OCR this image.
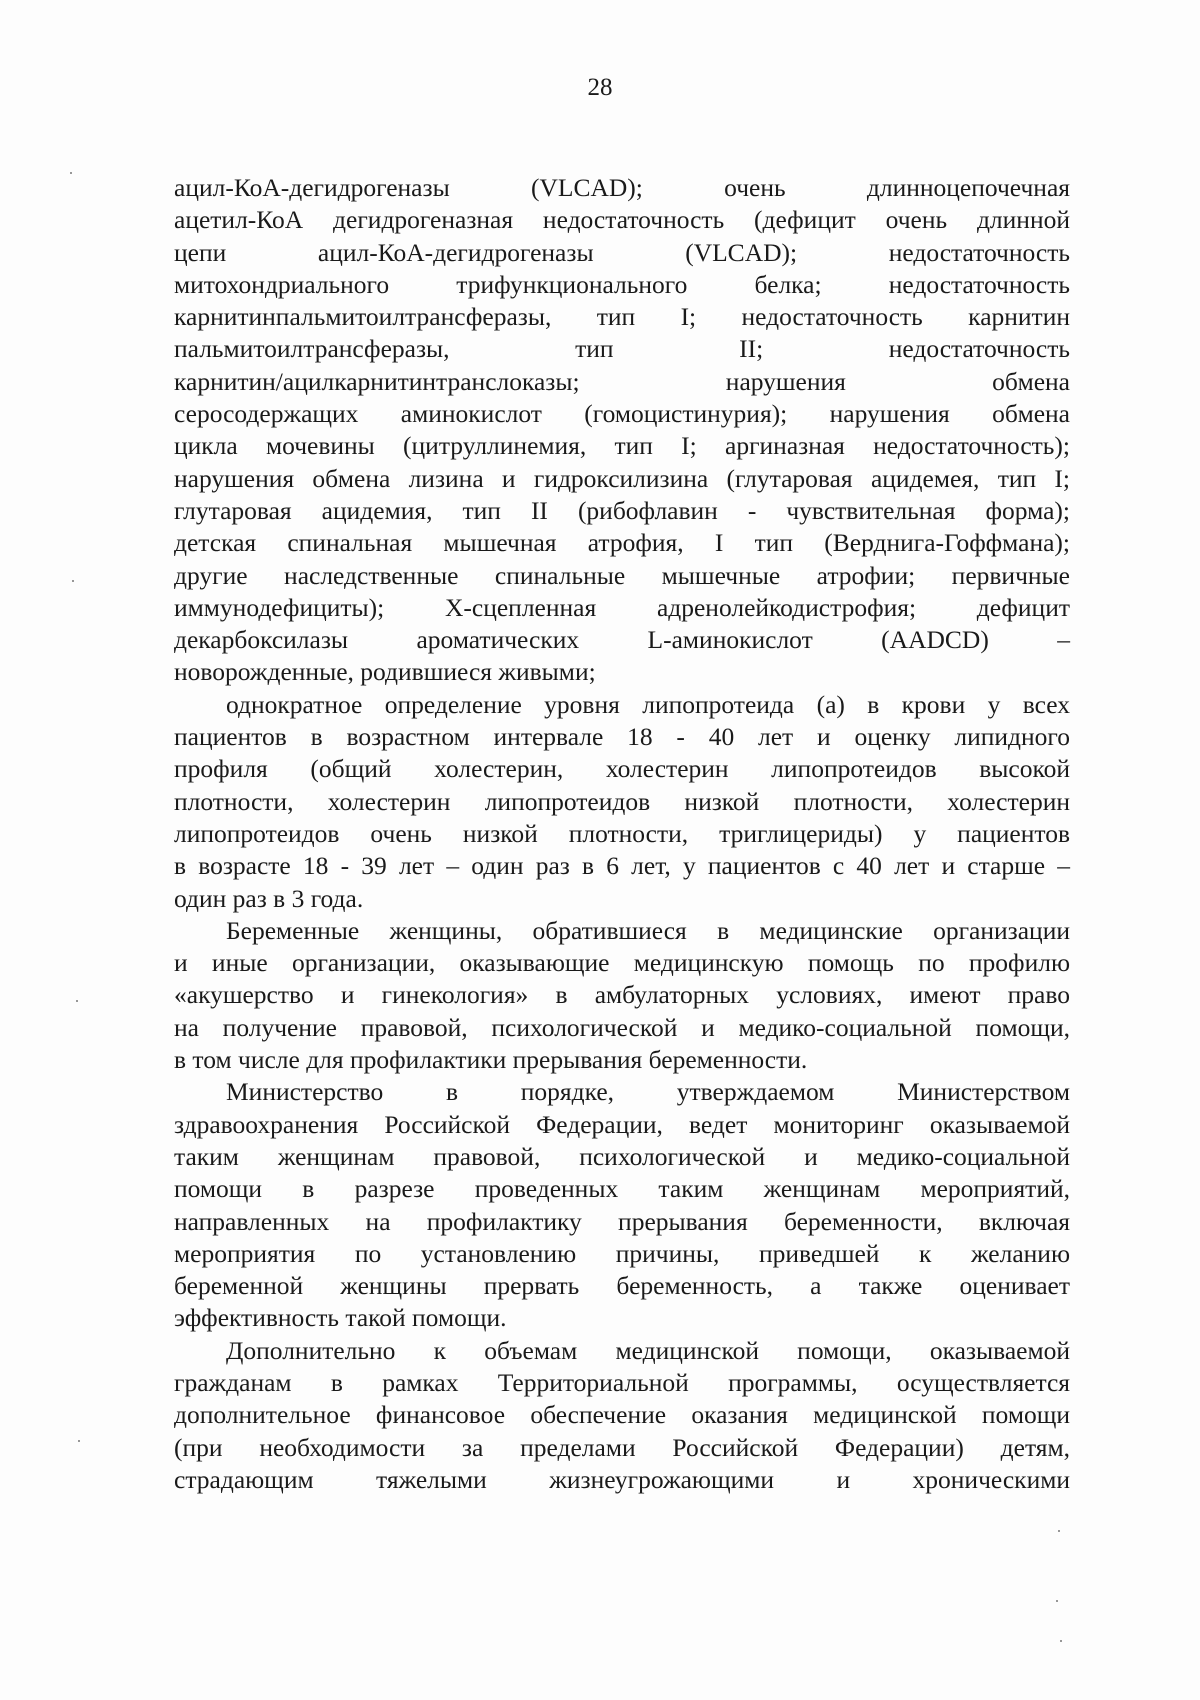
28
ацил-КоА-дегидрогеназы (VLCAD); очень длинноцепочечная
ацетил-КоА дегидрогеназная недостаточность (дефицит очень длинной
цепи ацил-КоА-дегидрогеназы (VLCAD); недостаточность
митохондриального трифункционального белка; недостаточность
карнитинпальмитоилтрансферазы, тип I; недостаточность карнитин
пальмитоилтрансферазы, тип II; недостаточность
карнитин/ацилкарнитинтранслоказы; нарушения обмена
серосодержащих аминокислот (гомоцистинурия); нарушения обмена
цикла мочевины (цитруллинемия, тип I; аргиназная недостаточность);
нарушения обмена лизина и гидроксилизина (глутаровая ацидемея, тип I;
глутаровая ацидемия, тип II (рибофлавин - чувствительная форма);
детская спинальная мышечная атрофия, I тип (Верднига-Гоффмана);
другие наследственные спинальные мышечные атрофии; первичные
иммунодефициты); Х-сцепленная адренолейкодистрофия; дефицит
декарбоксилазы ароматических L-аминокислот (AADCD) –
новорожденные, родившиеся живыми;
однократное определение уровня липопротеида (а) в крови у всех
пациентов в возрастном интервале 18 - 40 лет и оценку липидного
профиля (общий холестерин, холестерин липопротеидов высокой
плотности, холестерин липопротеидов низкой плотности, холестерин
липопротеидов очень низкой плотности, триглицериды) у пациентов
в возрасте 18 - 39 лет – один раз в 6 лет, у пациентов с 40 лет и старше –
один раз в 3 года.
Беременные женщины, обратившиеся в медицинские организации
и иные организации, оказывающие медицинскую помощь по профилю
«акушерство и гинекология» в амбулаторных условиях, имеют право
на получение правовой, психологической и медико-социальной помощи,
в том числе для профилактики прерывания беременности.
Министерство в порядке, утверждаемом Министерством
здравоохранения Российской Федерации, ведет мониторинг оказываемой
таким женщинам правовой, психологической и медико-социальной
помощи в разрезе проведенных таким женщинам мероприятий,
направленных на профилактику прерывания беременности, включая
мероприятия по установлению причины, приведшей к желанию
беременной женщины прервать беременность, а также оценивает
эффективность такой помощи.
Дополнительно к объемам медицинской помощи, оказываемой
гражданам в рамках Территориальной программы, осуществляется
дополнительное финансовое обеспечение оказания медицинской помощи
(при необходимости за пределами Российской Федерации) детям,
страдающим тяжелыми жизнеугрожающими и хроническими
